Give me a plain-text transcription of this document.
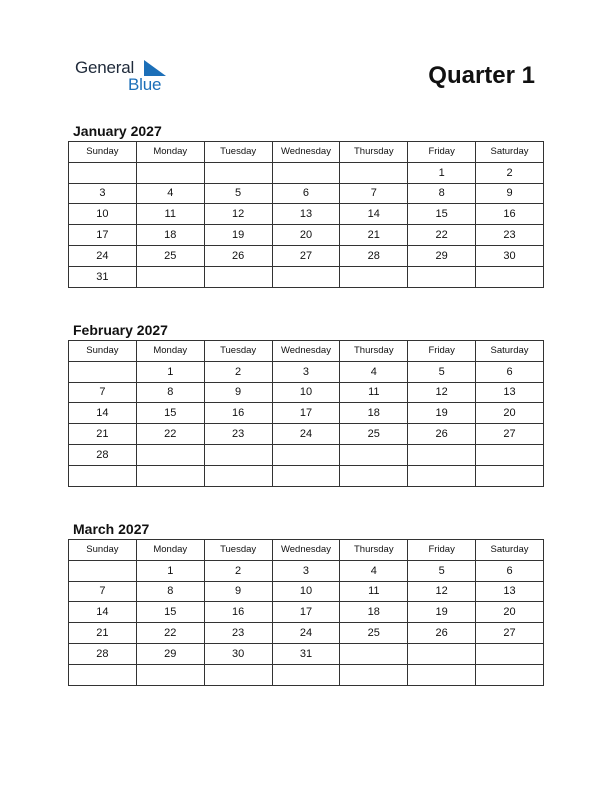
General
Blue	Quarter 1
January 2027
Sunday	Monday	Tuesday	Wednesday	Thursday	Friday	Saturday
					1	2
3	4	5	6	7	8	9
10	11	12	13	14	15	16
17	18	19	20	21	22	23
24	25	26	27	28	29	30
31						
February 2027
Sunday	Monday	Tuesday	Wednesday	Thursday	Friday	Saturday
	1	2	3	4	5	6
7	8	9	10	11	12	13
14	15	16	17	18	19	20
21	22	23	24	25	26	27
28						

March 2027
Sunday	Monday	Tuesday	Wednesday	Thursday	Friday	Saturday
	1	2	3	4	5	6
7	8	9	10	11	12	13
14	15	16	17	18	19	20
21	22	23	24	25	26	27
28	29	30	31			
